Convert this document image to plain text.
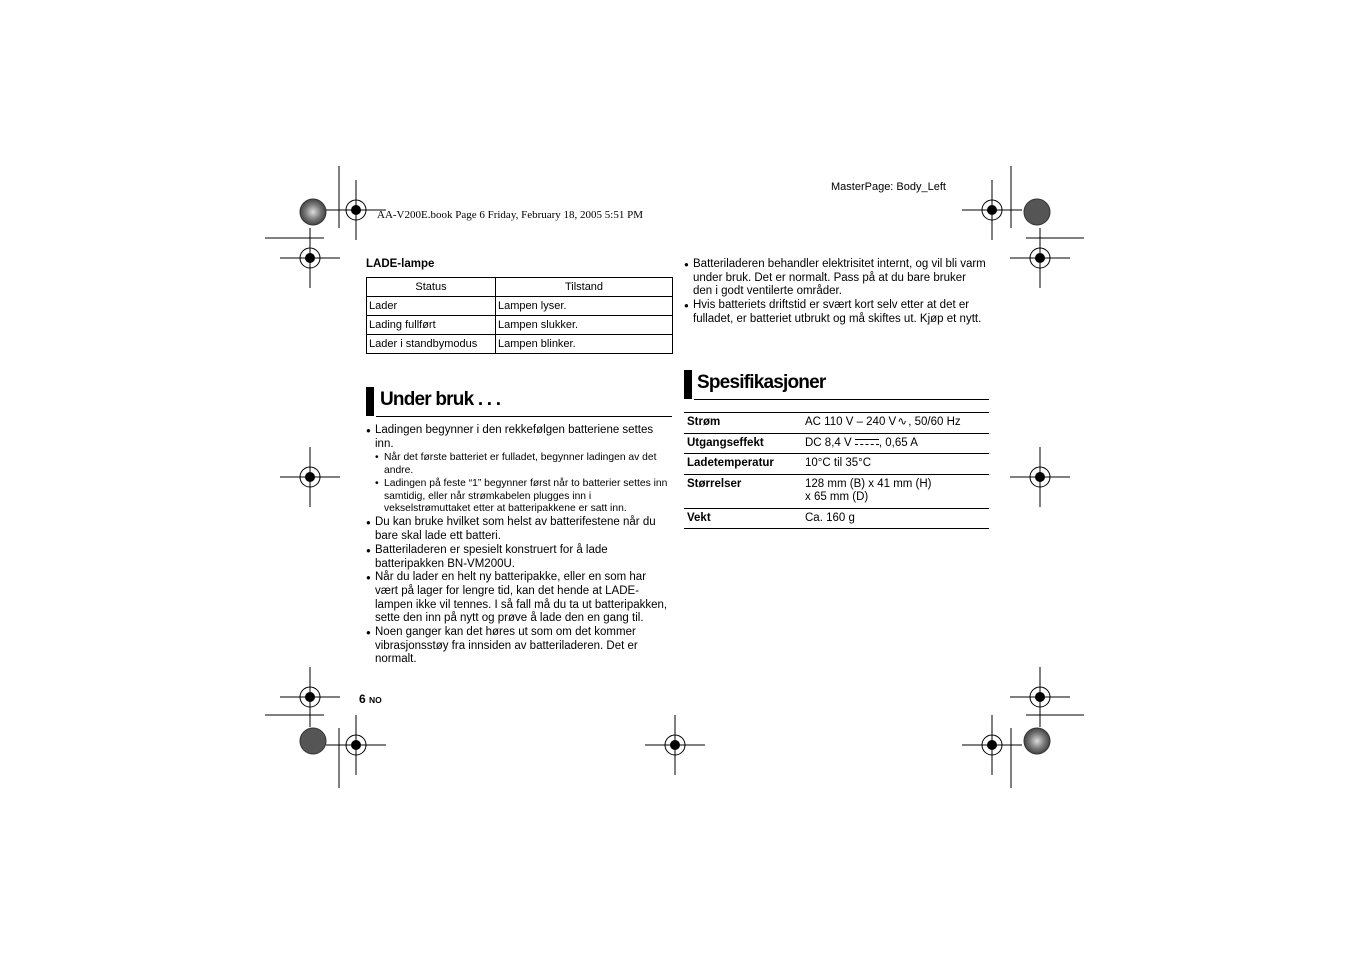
MasterPage: Body_Left
AA-V200E.book Page 6 Friday, February 18, 2005 5:51 PM
LADE-lampe
Status	Tilstand
Lader	Lampen lyser.
Lading fullført	Lampen slukker.
Lader i standbymodus	Lampen blinker.
Under bruk . . .
● Ladingen begynner i den rekkefølgen batteriene settes inn.
• Når det første batteriet er fulladet, begynner ladingen av det andre.
• Ladingen på feste “1” begynner først når to batterier settes inn samtidig, eller når strømkabelen plugges inn i vekselstrømuttaket etter at batteripakkene er satt inn.
● Du kan bruke hvilket som helst av batterifestene når du bare skal lade ett batteri.
● Batteriladeren er spesielt konstruert for å lade batteripakken BN-VM200U.
● Når du lader en helt ny batteripakke, eller en som har vært på lager for lengre tid, kan det hende at LADE-lampen ikke vil tennes. I så fall må du ta ut batteripakken, sette den inn på nytt og prøve å lade den en gang til.
● Noen ganger kan det høres ut som om det kommer vibrasjonsstøy fra innsiden av batteriladeren. Det er normalt.
● Batteriladeren behandler elektrisitet internt, og vil bli varm under bruk. Det er normalt. Pass på at du bare bruker den i godt ventilerte områder.
● Hvis batteriets driftstid er svært kort selv etter at det er fulladet, er batteriet utbrukt og må skiftes ut. Kjøp et nytt.
Spesifikasjoner
Strøm	AC 110 V – 240 V∿, 50/60 Hz
Utgangseffekt	DC 8,4 V , 0,65 A
Ladetemperatur	10°C til 35°C
Størrelser	128 mm (B) x 41 mm (H)
x 65 mm (D)

Vekt	Ca. 160 g
6 NO
